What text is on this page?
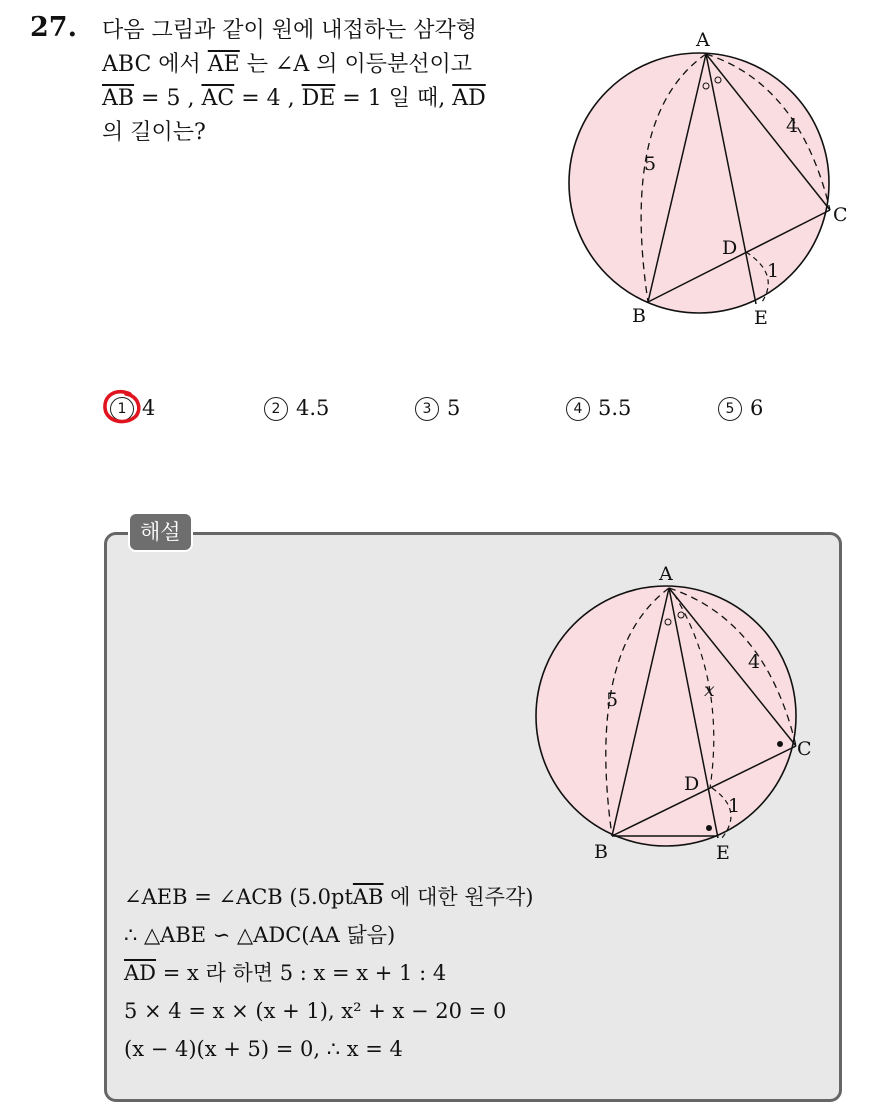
27. 다음 그림과 같이 원에 내접하는 삼각형
ABC 에서 $\overline{AE}$ 는 ∠A 의 이등분선이고
$\overline{AB} = 5$ , $\overline{AC} = 4$ , $\overline{DE} = 1$ 일 때, $\overline{AD}$
의 길이는?
A
B
C
D
E
5
4
1
1 4	2 4.5	3 5	4 5.5	5 6
해설
A
B
C
D
E
5
4
1
x
∠AEB = ∠ACB ($5.0pt\overline{AB}$ 에 대한 원주각)
∴ △ABE ∽ △ADC(AA 닮음)
$\overline{AD} = x$ 라 하면 5 : x = x + 1 : 4
5 × 4 = x × (x + 1), x² + x − 20 = 0
(x − 4)(x + 5) = 0, ∴ x = 4
